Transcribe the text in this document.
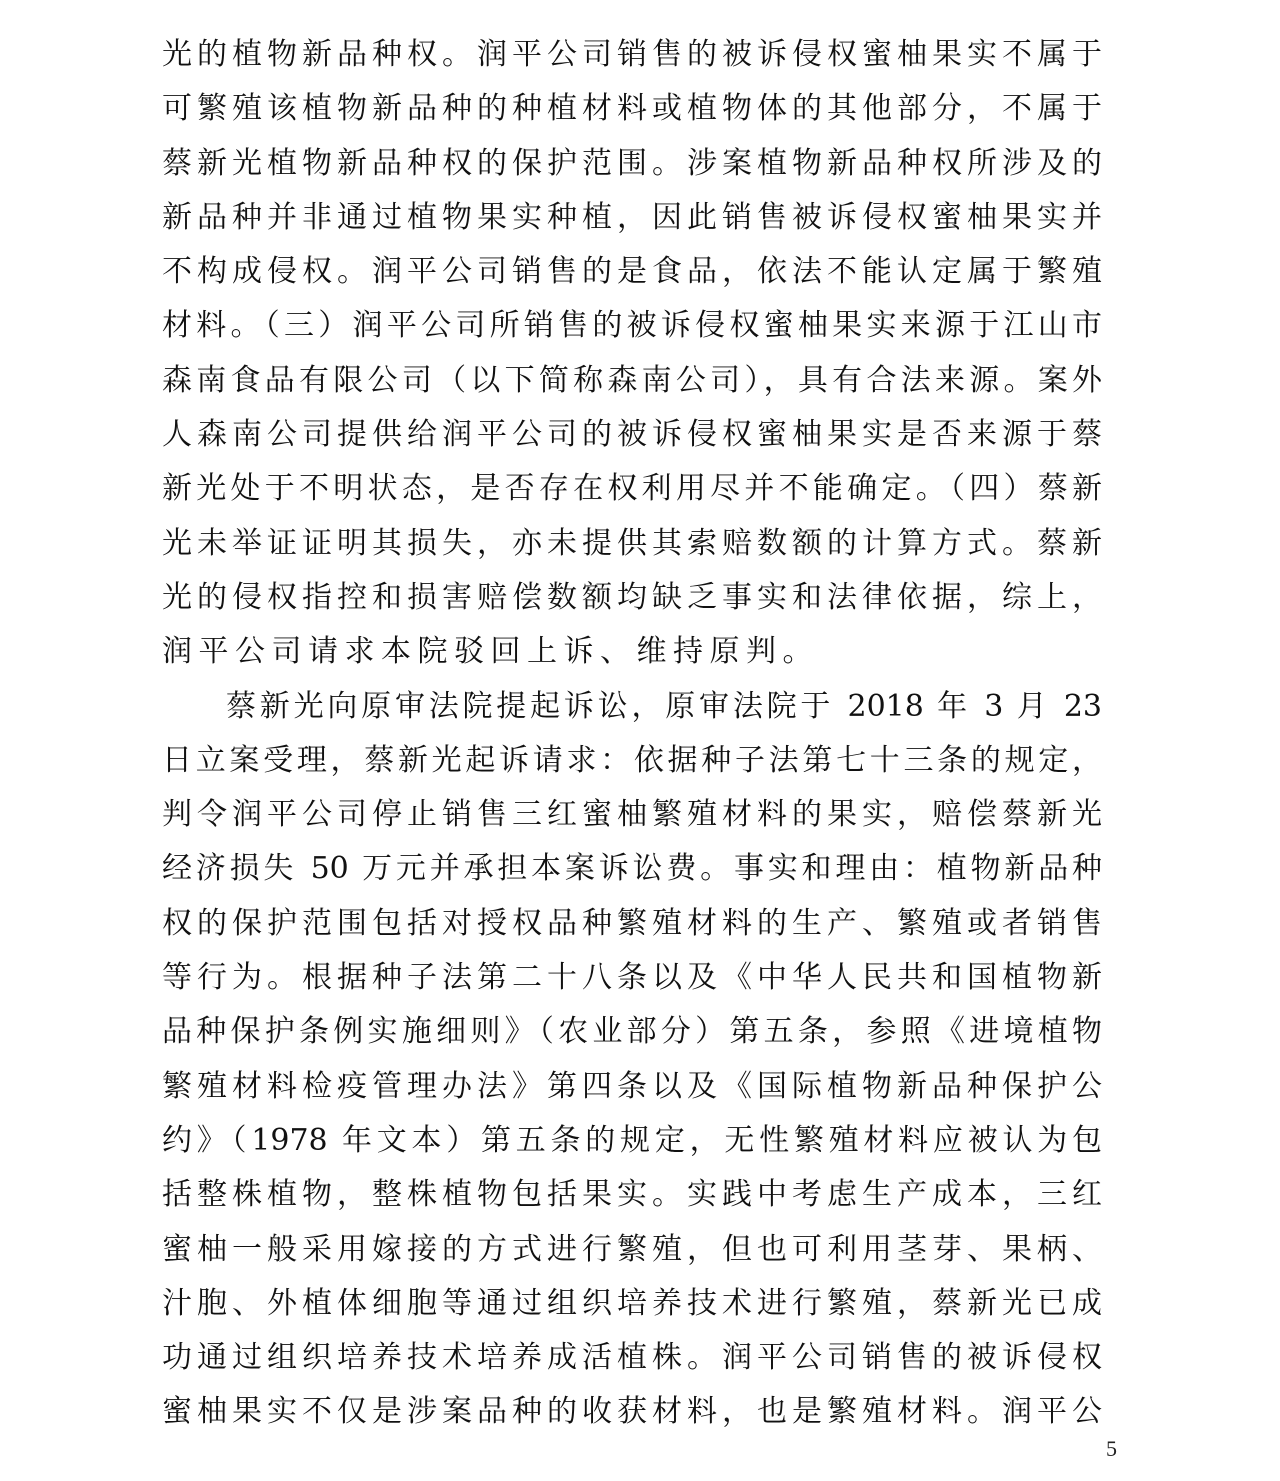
光的植物新品种权。润平公司销售的被诉侵权蜜柚果实不属于
可繁殖该植物新品种的种植材料或植物体的其他部分，不属于
蔡新光植物新品种权的保护范围。涉案植物新品种权所涉及的
新品种并非通过植物果实种植，因此销售被诉侵权蜜柚果实并
不构成侵权。润平公司销售的是食品，依法不能认定属于繁殖
材料。（三）润平公司所销售的被诉侵权蜜柚果实来源于江山市
森南食品有限公司（以下简称森南公司），具有合法来源。案外
人森南公司提供给润平公司的被诉侵权蜜柚果实是否来源于蔡
新光处于不明状态，是否存在权利用尽并不能确定。（四）蔡新
光未举证证明其损失，亦未提供其索赔数额的计算方式。蔡新
光的侵权指控和损害赔偿数额均缺乏事实和法律依据，综上，
润平公司请求本院驳回上诉、维持原判。
蔡新光向原审法院提起诉讼，原审法院于 2018 年 3 月 23
日立案受理，蔡新光起诉请求：依据种子法第七十三条的规定，
判令润平公司停止销售三红蜜柚繁殖材料的果实，赔偿蔡新光
经济损失 50 万元并承担本案诉讼费。事实和理由：植物新品种
权的保护范围包括对授权品种繁殖材料的生产、繁殖或者销售
等行为。根据种子法第二十八条以及《中华人民共和国植物新
品种保护条例实施细则》（农业部分）第五条，参照《进境植物
繁殖材料检疫管理办法》第四条以及《国际植物新品种保护公
约》（1978 年文本）第五条的规定，无性繁殖材料应被认为包
括整株植物，整株植物包括果实。实践中考虑生产成本，三红
蜜柚一般采用嫁接的方式进行繁殖，但也可利用茎芽、果柄、
汁胞、外植体细胞等通过组织培养技术进行繁殖，蔡新光已成
功通过组织培养技术培养成活植株。润平公司销售的被诉侵权
蜜柚果实不仅是涉案品种的收获材料，也是繁殖材料。润平公
5
